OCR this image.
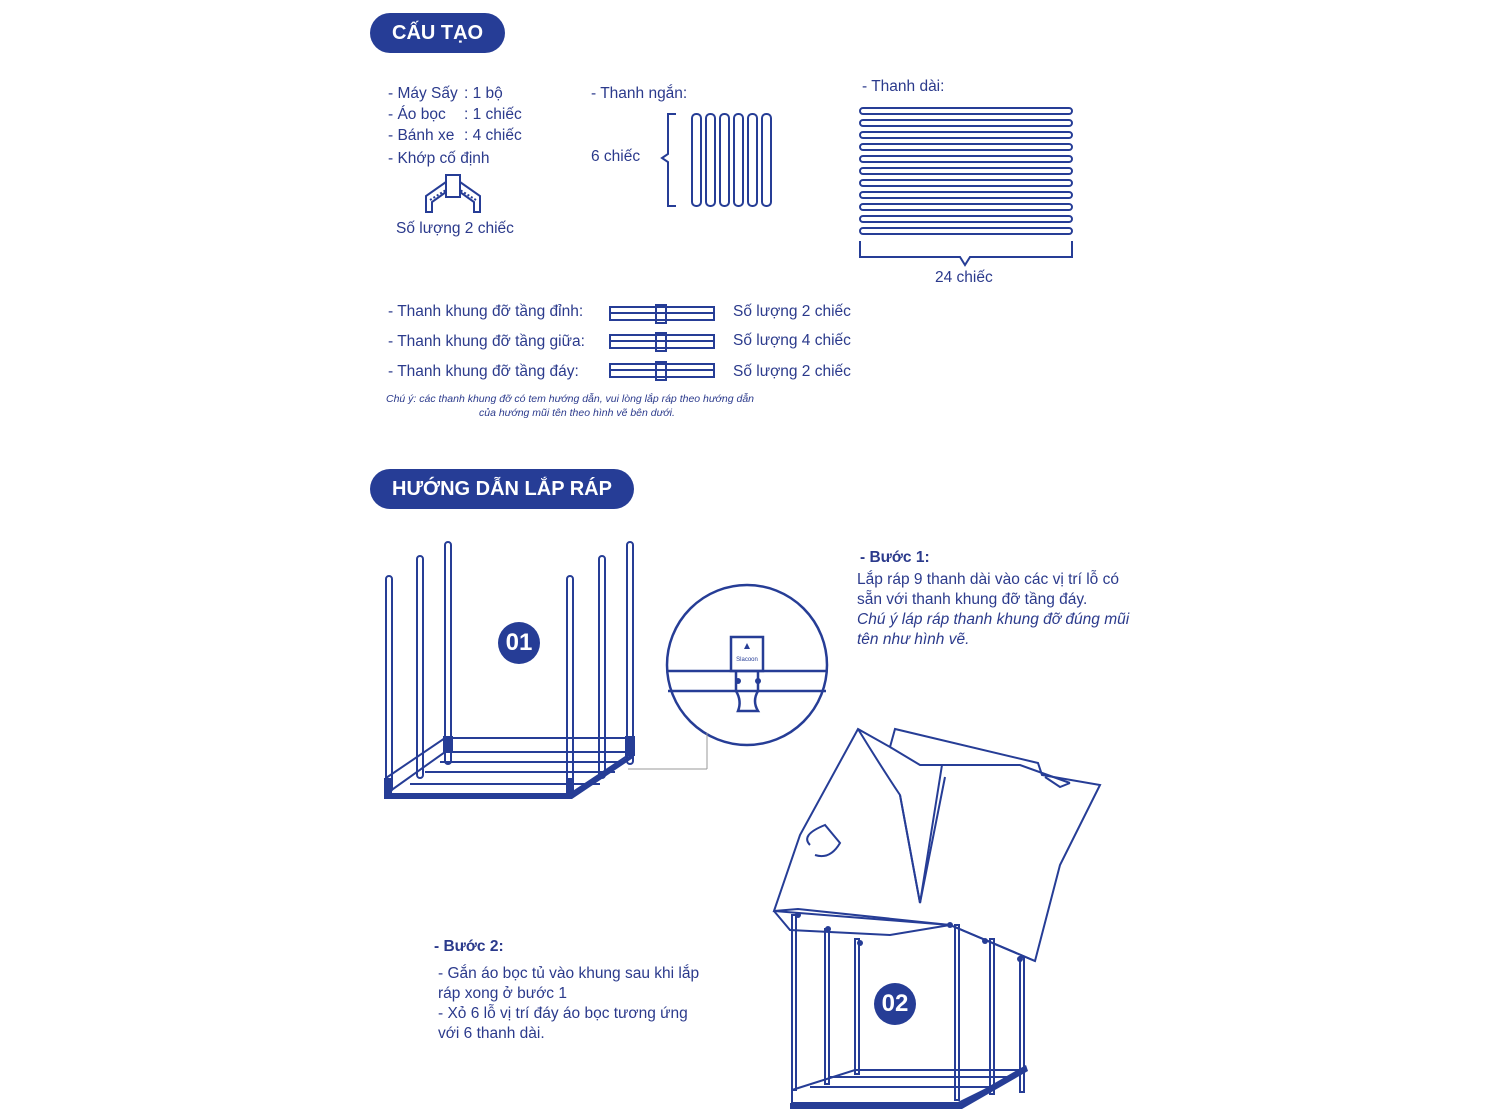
CẤU TẠO
- Máy Sấy : 1 bộ
- Áo bọc : 1 chiếc
- Bánh xe : 4 chiếc
- Khớp cố định
Số lượng 2 chiếc
- Thanh ngắn:
6 chiếc
- Thanh dài:
24 chiếc
- Thanh khung đỡ tầng đỉnh:	Số lượng 2 chiếc
- Thanh khung đỡ tầng giữa:	Số lượng 4 chiếc
- Thanh khung đỡ tầng đáy:	Số lượng 2 chiếc
Chú ý: các thanh khung đỡ có tem hướng dẫn, vui lòng lắp ráp theo hướng dẫn
của hướng mũi tên theo hình vẽ bên dưới.
HƯỚNG DẪN LẮP RÁP
01
Slacoon
- Bước 1:
Lắp ráp 9 thanh dài vào các vị trí lỗ có
sẵn với thanh khung đỡ tầng đáy.
Chú ý láp ráp thanh khung đỡ đúng mũi
tên như hình vẽ.
02
- Bước 2:
- Gắn áo bọc tủ vào khung sau khi lắp
ráp xong ở bước 1
- Xỏ 6 lỗ vị trí đáy áo bọc tương ứng
với 6 thanh dài.
